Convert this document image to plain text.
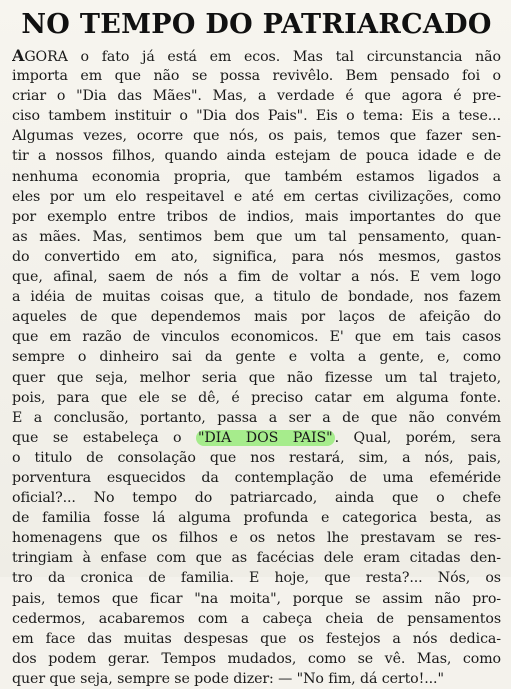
NO TEMPO DO PATRIARCADO
AGORA o fato já está em ecos. Mas tal circunstancia não
importa em que não se possa revivêlo. Bem pensado foi o
criar o "Dia das Mães". Mas, a verdade é que agora é pre-
ciso tambem instituir o "Dia dos Pais". Eis o tema: Eis a tese...
Algumas vezes, ocorre que nós, os pais, temos que fazer sen-
tir a nossos filhos, quando ainda estejam de pouca idade e de
nenhuma economia propria, que também estamos ligados a
eles por um elo respeitavel e até em certas civilizações, como
por exemplo entre tribos de indios, mais importantes do que
as mães. Mas, sentimos bem que um tal pensamento, quan-
do convertido em ato, significa, para nós mesmos, gastos
que, afinal, saem de nós a fim de voltar a nós. E vem logo
a idéia de muitas coisas que, a titulo de bondade, nos fazem
aqueles de que dependemos mais por laços de afeição do
que em razão de vinculos economicos. E' que em tais casos
sempre o dinheiro sai da gente e volta a gente, e, como
quer que seja, melhor seria que não fizesse um tal trajeto,
pois, para que ele se dê, é preciso catar em alguma fonte.
E a conclusão, portanto, passa a ser a de que não convém
que se estabeleça o "DIA DOS PAIS" . Qual, porém, sera
o titulo de consolação que nos restará, sim, a nós, pais,
porventura esquecidos da contemplação de uma efeméride
oficial?... No tempo do patriarcado, ainda que o chefe
de familia fosse lá alguma profunda e categorica besta, as
homenagens que os filhos e os netos lhe prestavam se res-
tringiam à enfase com que as facécias dele eram citadas den-
tro da cronica de familia. E hoje, que resta?... Nós, os
pais, temos que ficar "na moita", porque se assim não pro-
cedermos, acabaremos com a cabeça cheia de pensamentos
em face das muitas despesas que os festejos a nós dedica-
dos podem gerar. Tempos mudados, como se vê. Mas, como
quer que seja, sempre se pode dizer: — "No fim, dá certo!..."
